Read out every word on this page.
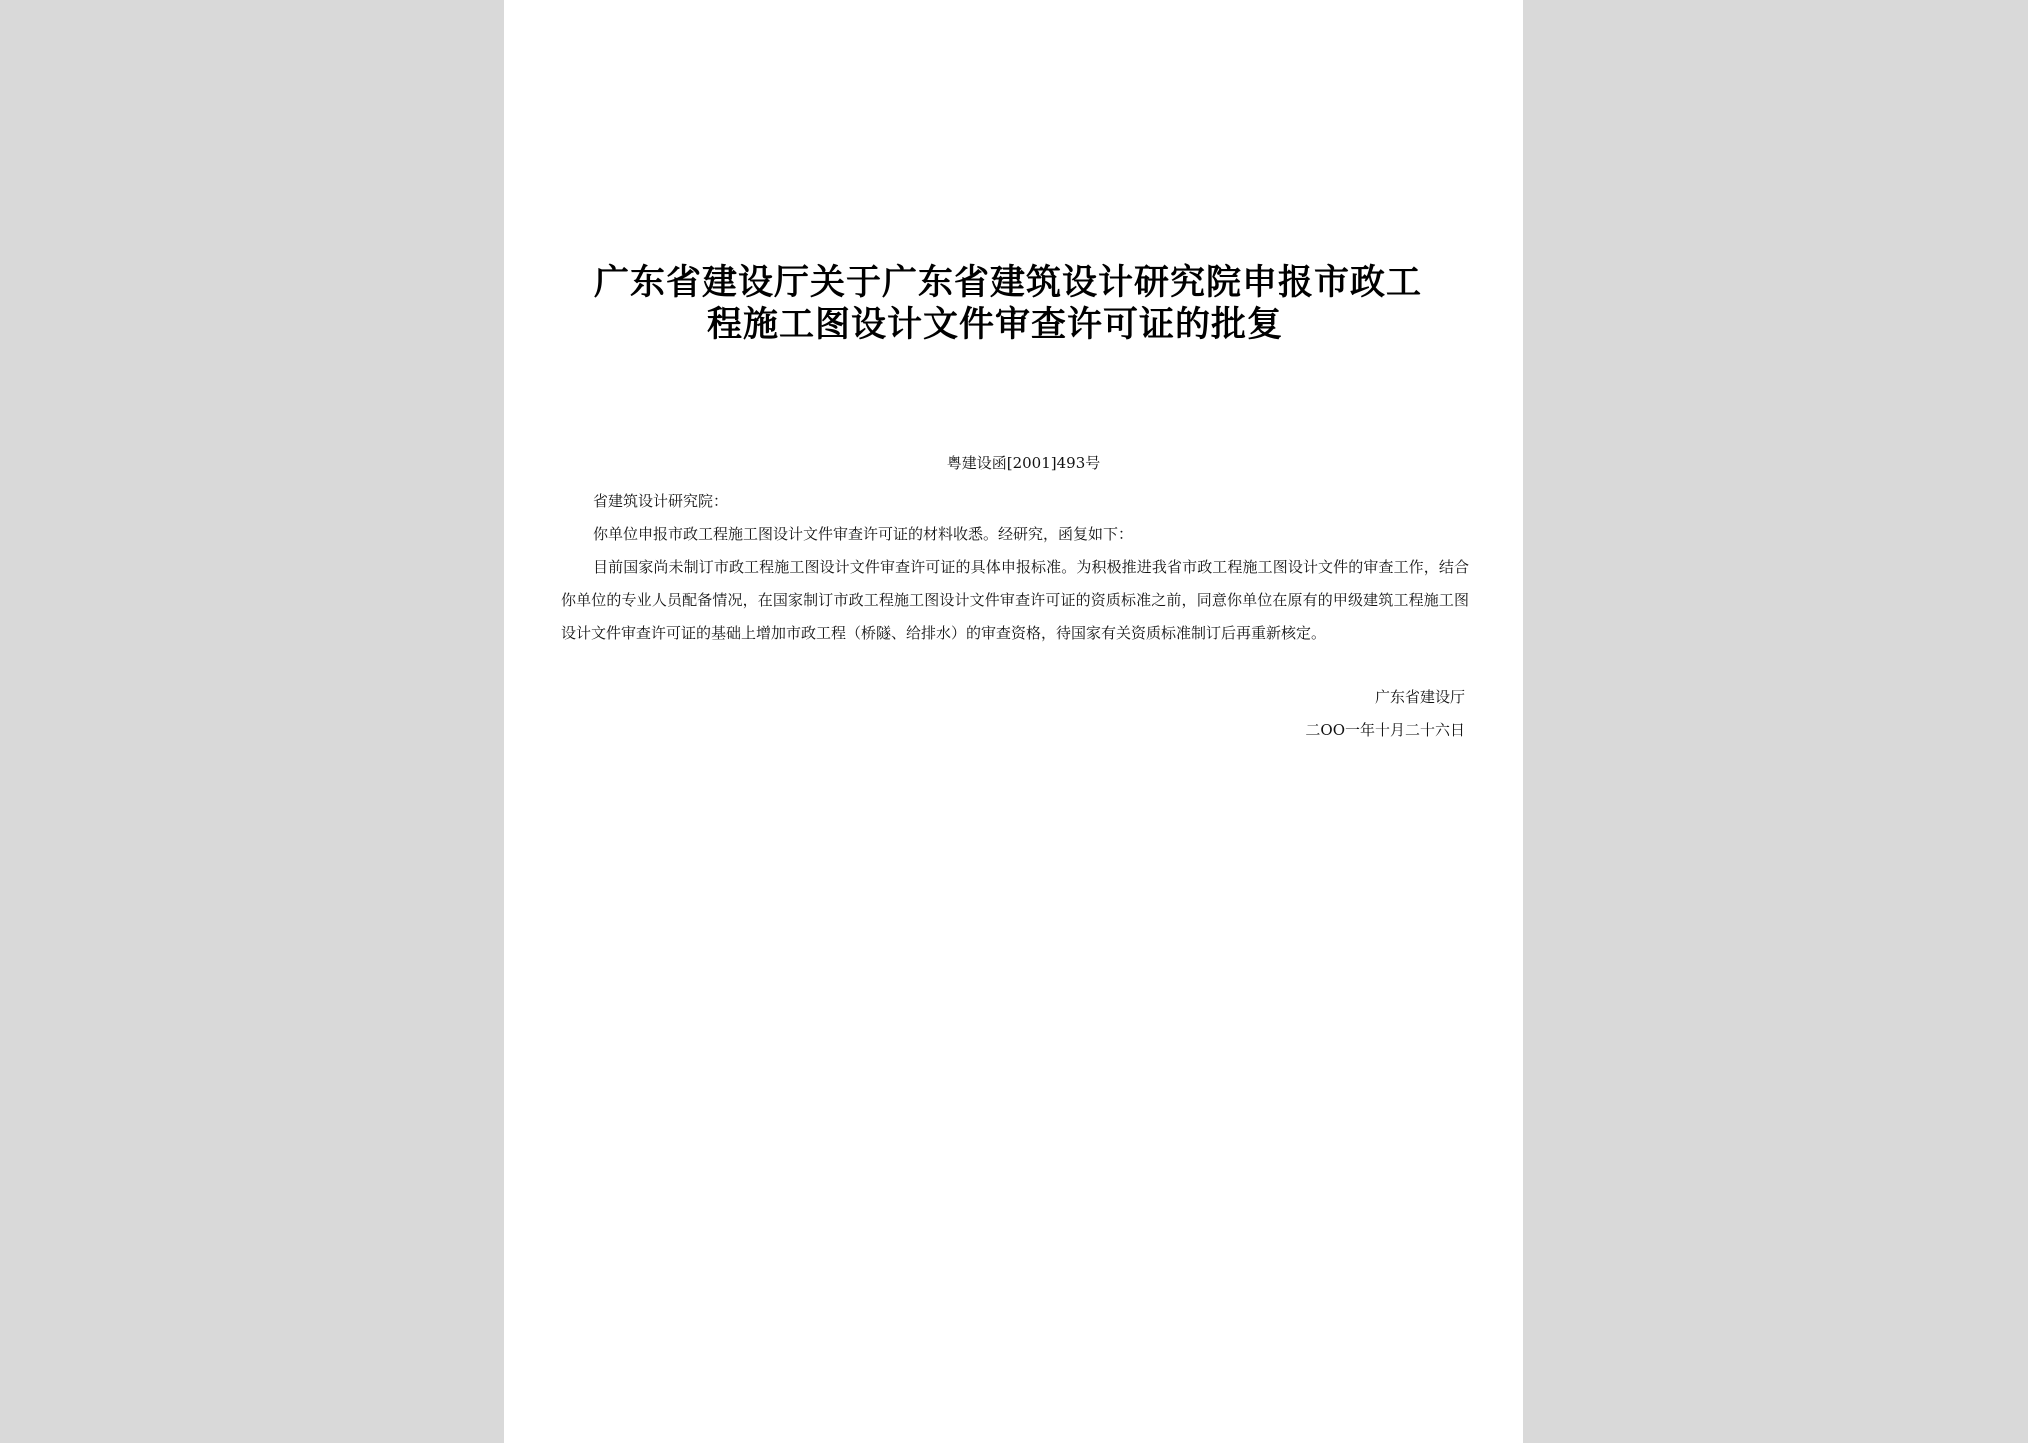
广东省建设厅关于广东省建筑设计研究院申报市政工
程施工图设计文件审查许可证的批复
粤建设函[2001]493号

省建筑设计研究院：

你单位申报市政工程施工图设计文件审查许可证的材料收悉。经研究，函复如下：

目前国家尚未制订市政工程施工图设计文件审查许可证的具体申报标准。为积极推进我省市政工程施工图设计文件的审查工作，结合你单位的专业人员配备情况，在国家制订市政工程施工图设计文件审查许可证的资质标准之前，同意你单位在原有的甲级建筑工程施工图设计文件审查许可证的基础上增加市政工程（桥隧、给排水）的审查资格，待国家有关资质标准制订后再重新核定。

广东省建设厅
二OO一年十月二十六日
